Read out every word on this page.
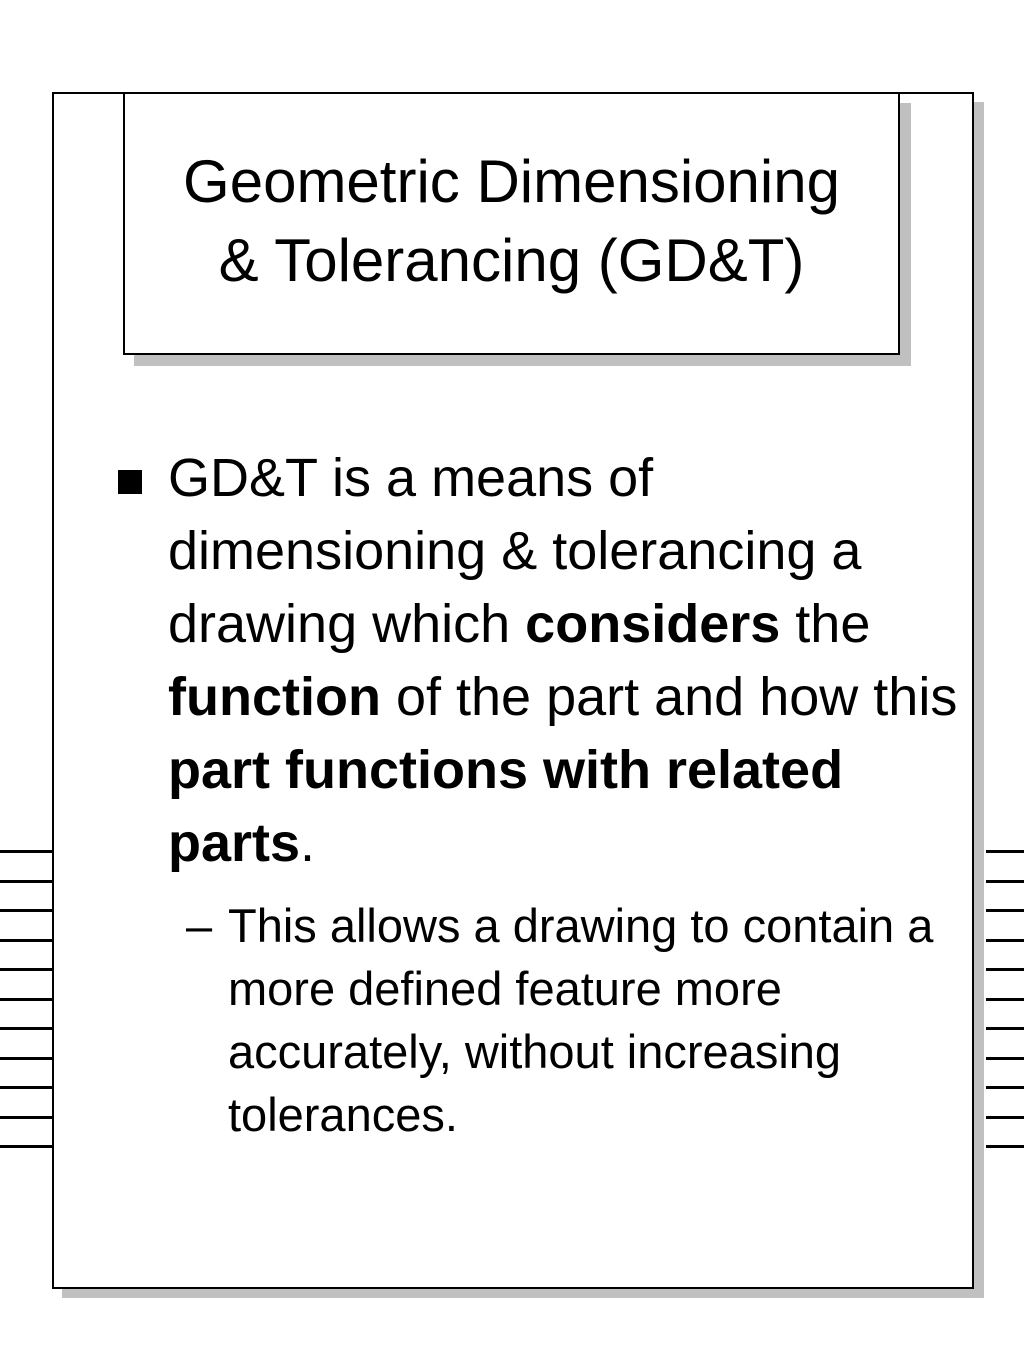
Geometric Dimensioning
& Tolerancing (GD&T)
GD&T is a means of dimensioning & tolerancing a drawing which considers the function of the part and how this part functions with related parts.
– This allows a drawing to contain a more defined feature more accurately, without increasing tolerances.
